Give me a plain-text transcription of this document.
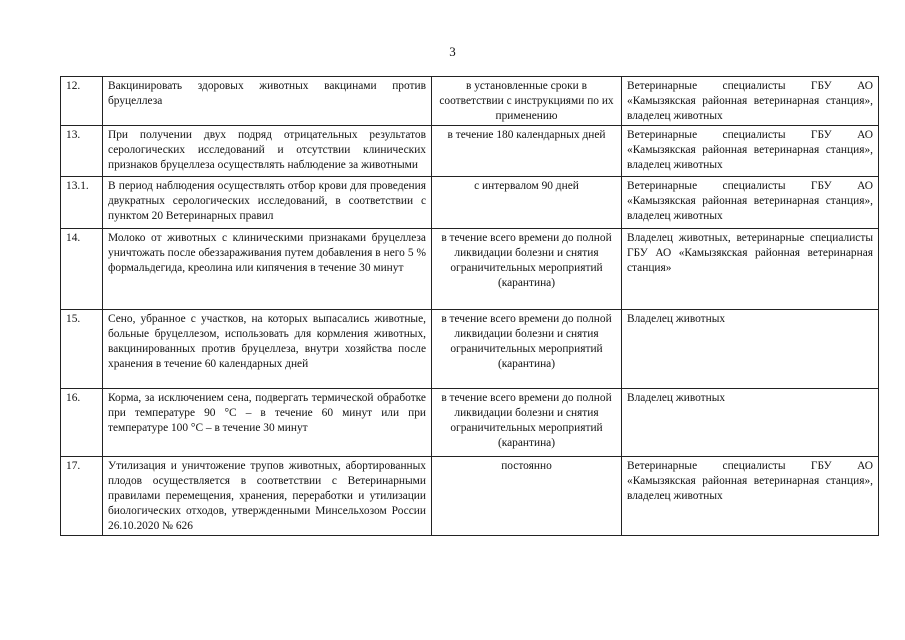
3
12.	Вакцинировать здоровых животных вакцинами против бруцеллеза	в установленные сроки в соответствии с инструкциями по их применению	Ветеринарные специалисты ГБУ АО «Камызякская районная ветеринарная станция», владелец животных
13.	При получении двух подряд отрицательных результатов серологических исследований и отсутствии клинических признаков бруцеллеза осуществлять наблюдение за животными	в течение 180 календарных дней	Ветеринарные специалисты ГБУ АО «Камызякская районная ветеринарная станция», владелец животных
13.1.	В период наблюдения осуществлять отбор крови для проведения двукратных серологических исследований, в соответствии с пунктом 20 Ветеринарных правил	с интервалом 90 дней	Ветеринарные специалисты ГБУ АО «Камызякская районная ветеринарная станция», владелец животных
14.	Молоко от животных с клиническими признаками бруцеллеза уничтожать после обеззараживания путем добавления в него 5 % формальдегида, креолина или кипячения в течение 30 минут	в течение всего времени до полной ликвидации болезни и снятия ограничительных мероприятий (карантина)	Владелец животных, ветеринарные специалисты ГБУ АО «Камызякская районная ветеринарная станция»
15.	Сено, убранное с участков, на которых выпасались животные, больные бруцеллезом, использовать для кормления животных, вакцинированных против бруцеллеза, внутри хозяйства после хранения в течение 60 календарных дней	в течение всего времени до полной ликвидации болезни и снятия ограничительных мероприятий (карантина)	Владелец животных
16.	Корма, за исключением сена, подвергать термической обработке при температуре 90 °С – в течение 60 минут или при температуре 100 °С – в течение 30 минут	в течение всего времени до полной ликвидации болезни и снятия ограничительных мероприятий (карантина)	Владелец животных
17.	Утилизация и уничтожение трупов животных, абортированных плодов осуществляется в соответствии с Ветеринарными правилами перемещения, хранения, переработки и утилизации биологических отходов, утвержденными Минсельхозом России 26.10.2020 № 626	постоянно	Ветеринарные специалисты ГБУ АО «Камызякская районная ветеринарная станция», владелец животных
